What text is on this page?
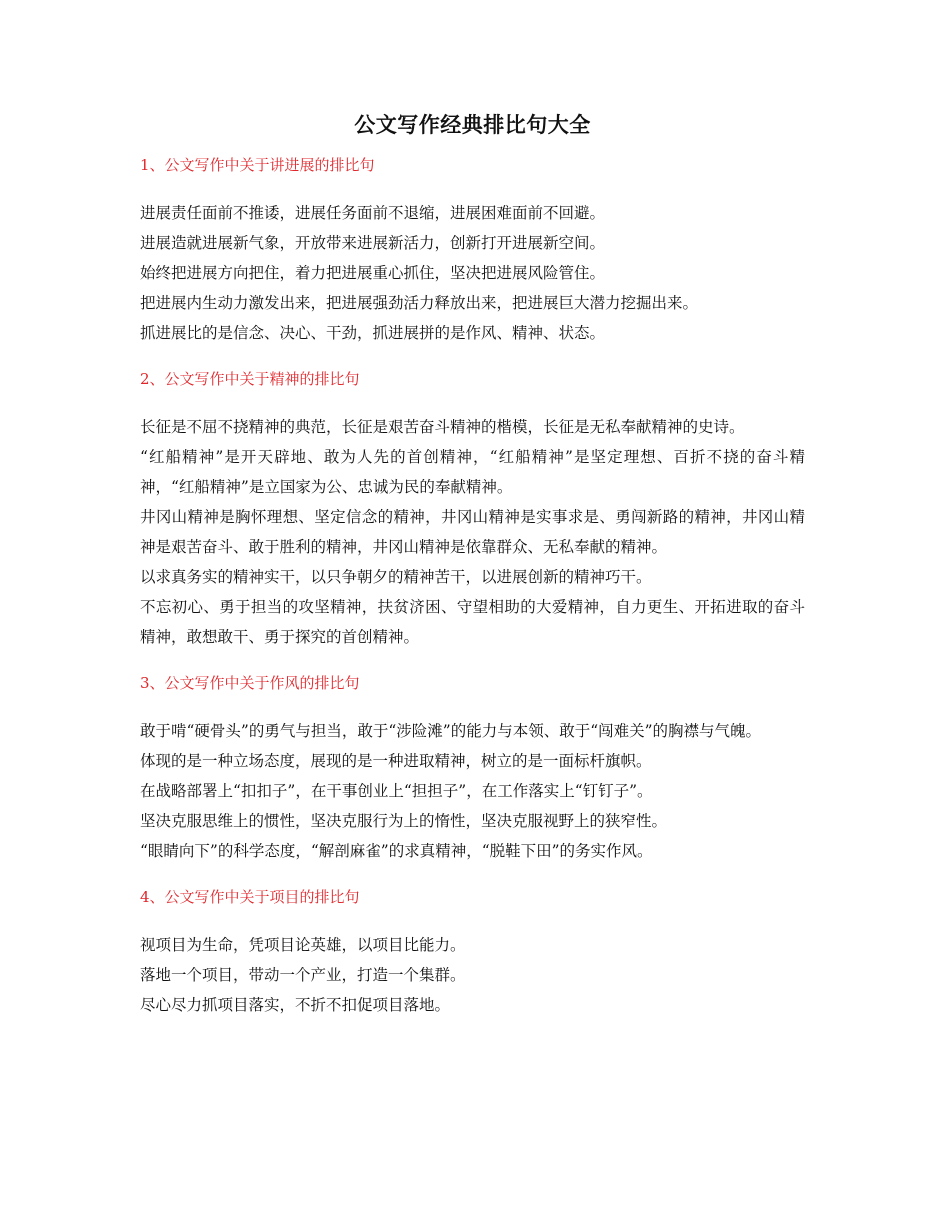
公文写作经典排比句大全

1、公文写作中关于讲进展的排比句

进展责任面前不推诿，进展任务面前不退缩，进展困难面前不回避。

进展造就进展新气象，开放带来进展新活力，创新打开进展新空间。

始终把进展方向把住，着力把进展重心抓住，坚决把进展风险管住。

把进展内生动力激发出来，把进展强劲活力释放出来，把进展巨大潜力挖掘出来。

抓进展比的是信念、决心、干劲，抓进展拼的是作风、精神、状态。

2、公文写作中关于精神的排比句

长征是不屈不挠精神的典范，长征是艰苦奋斗精神的楷模，长征是无私奉献精神的史诗。

“红船精神”是开天辟地、敢为人先的首创精神，“红船精神”是坚定理想、百折不挠的奋斗精神，“红船精神”是立国家为公、忠诚为民的奉献精神。

井冈山精神是胸怀理想、坚定信念的精神，井冈山精神是实事求是、勇闯新路的精神，井冈山精神是艰苦奋斗、敢于胜利的精神，井冈山精神是依靠群众、无私奉献的精神。

以求真务实的精神实干，以只争朝夕的精神苦干，以进展创新的精神巧干。

不忘初心、勇于担当的攻坚精神，扶贫济困、守望相助的大爱精神，自力更生、开拓进取的奋斗精神，敢想敢干、勇于探究的首创精神。

3、公文写作中关于作风的排比句

敢于啃“硬骨头”的勇气与担当，敢于“涉险滩”的能力与本领、敢于“闯难关”的胸襟与气魄。

体现的是一种立场态度，展现的是一种进取精神，树立的是一面标杆旗帜。

在战略部署上“扣扣子”，在干事创业上“担担子”，在工作落实上“钉钉子”。

坚决克服思维上的惯性，坚决克服行为上的惰性，坚决克服视野上的狭窄性。

“眼睛向下”的科学态度，“解剖麻雀”的求真精神，“脱鞋下田”的务实作风。

4、公文写作中关于项目的排比句

视项目为生命，凭项目论英雄，以项目比能力。

落地一个项目，带动一个产业，打造一个集群。

尽心尽力抓项目落实，不折不扣促项目落地。
